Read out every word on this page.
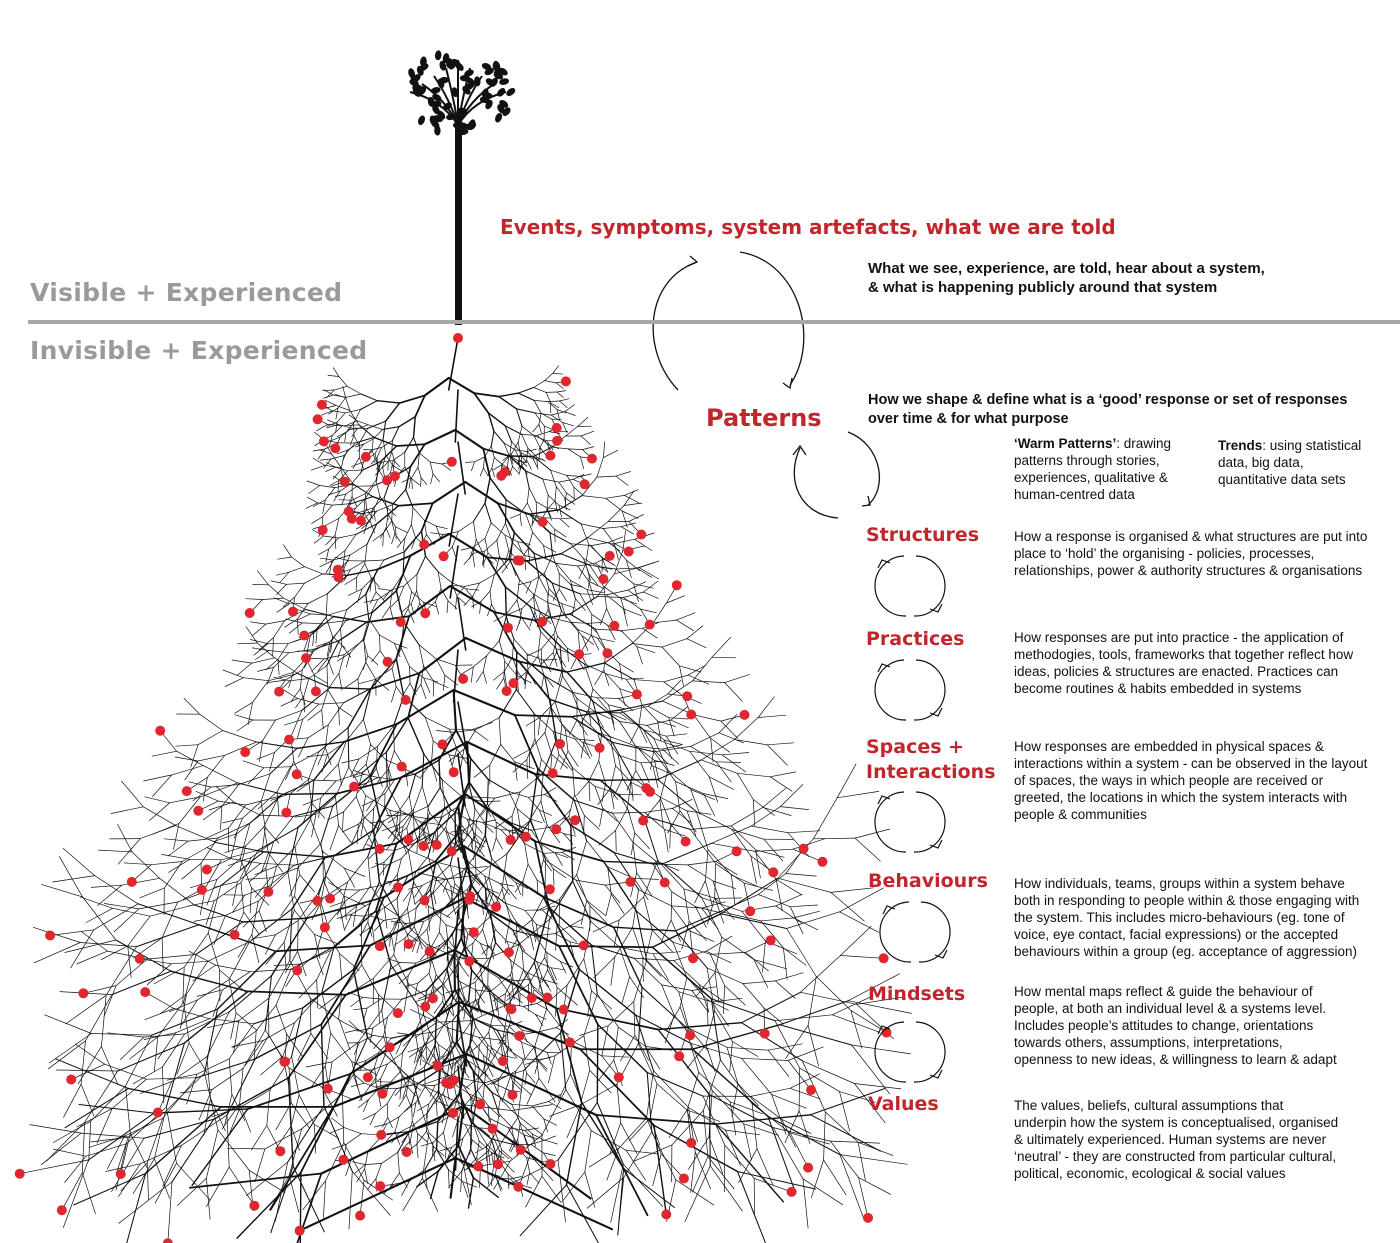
Visible + Experienced
Invisible + Experienced
Events, symptoms, system artefacts, what we are told
What we see, experience, are told, hear about a system,
& what is happening publicly around that system
Patterns
How we shape & define what is a ‘good’ response or set of responses
over time & for what purpose
‘Warm Patterns’: drawing
patterns through stories,
experiences, qualitative &
human-centred data
Trends: using statistical
data, big data,
quantitative data sets
Structures	How a response is organised & what structures are put into
place to ‘hold’ the organising - policies, processes,
relationships, power & authority structures & organisations
Practices	How responses are put into practice - the application of
methodogies, tools, frameworks that together reflect how
ideas, policies & structures are enacted. Practices can
become routines & habits embedded in systems
Spaces +
Interactions
How responses are embedded in physical spaces &
interactions within a system - can be observed in the layout
of spaces, the ways in which people are received or
greeted, the locations in which the system interacts with
people & communities
Behaviours How individuals, teams, groups within a system behave
both in responding to people within & those engaging with
the system. This includes micro-behaviours (eg. tone of
voice, eye contact, facial expressions) or the accepted
behaviours within a group (eg. acceptance of aggression)
Mindsets	How mental maps reflect & guide the behaviour of
people, at both an individual level & a systems level.
Includes people’s attitudes to change, orientations
towards others, assumptions, interpretations,
openness to new ideas, & willingness to learn & adapt
Values	The values, beliefs, cultural assumptions that
underpin how the system is conceptualised, organised
& ultimately experienced. Human systems are never
‘neutral’ - they are constructed from particular cultural,
political, economic, ecological & social values
